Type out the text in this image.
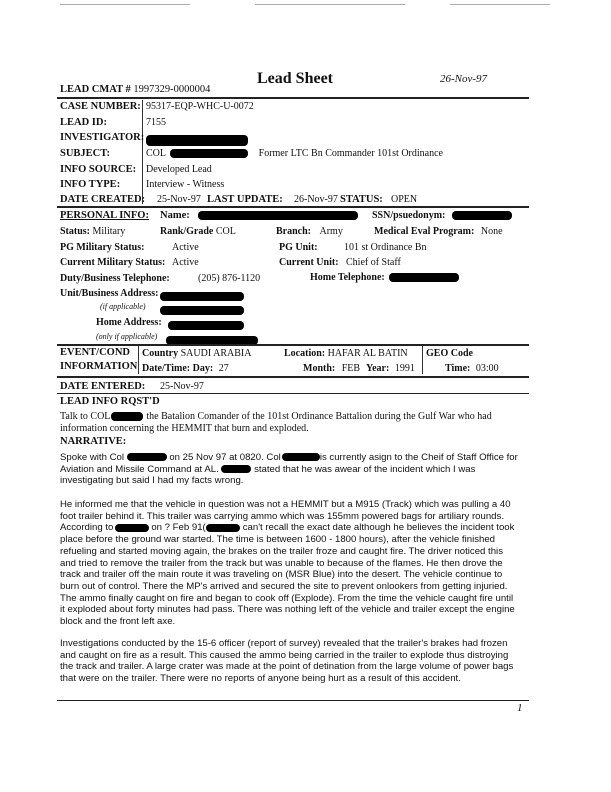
Lead Sheet	26-Nov-97
LEAD CMAT # 1997329-0000004
CASE NUMBER: 95317-EQP-WHC-U-0072
LEAD ID:	7155
INVESTIGATOR:
SUBJECT:	COL	Former LTC Bn Commander 101st Ordinance
INFO SOURCE: Developed Lead
INFO TYPE:	Interview - Witness
DATE CREATED: 25-Nov-97 LAST UPDATE: 26-Nov-97 STATUS: OPEN
PERSONAL INFO: Name:	SSN/psuedonym:
Status: Military	Rank/Grade COL	Branch: Army	Medical Eval Program: None
PG Military Status:	Active	PG Unit:	101 st Ordinance Bn
Current Military Status: Active	Current Unit: Chief of Staff
Duty/Business Telephone:	(205) 876-1120	Home Telephone:
Unit/Business Address:
(if applicable)
Home Address:
(only if applicable)
EVENT/COND
INFORMATION
Country SAUDI ARABIA	Location: HAFAR AL BATIN GEO Code
Date/Time: Day: 27	Month: FEB Year: 1991	Time: 03:00
DATE ENTERED: 25-Nov-97
LEAD INFO RQST'D
Talk to COL	the Batalion Comander of the 101st Ordinance Battalion during the Gulf War who had
information concerning the HEMMIT that burn and exploded.
NARRATIVE:
Spoke with Col	on 25 Nov 97 at 0820. Col	is currently asign to the Cheif of Staff Office for Aviation and Missile Command at AL.	stated that he was awear of the incident which I was investigating but said I had my facts wrong.
He informed me that the vehicle in question was not a HEMMIT but a M915 (Track) which was pulling a 40 foot trailer behind it. This trailer was carrying ammo which was 155mm powered bags for artiliary rounds. According to	on ? Feb 91(	can't recall the exact date although he believes the incident took place before the ground war started. The time is between 1600 - 1800 hours), after the vehicle finished refueling and started moving again, the brakes on the trailer froze and caught fire. The driver noticed this and tried to remove the trailer from the track but was unable to because of the flames. He then drove the track and trailer off the main route it was traveling on (MSR Blue) into the desert. The vehicle continue to burn out of control. There the MP's arrived and secured the site to prevent onlookers from getting injuried. The ammo finally caught on fire and began to cook off (Explode). From the time the vehicle caught fire until it exploded about forty minutes had pass. There was nothing left of the vehicle and trailer except the engine block and the front left axe.
Investigations conducted by the 15-6 officer (report of survey) revealed that the trailer's brakes had frozen and caught on fire as a result. This caused the ammo being carried in the trailer to explode thus distroying the track and trailer. A large crater was made at the point of detination from the large volume of power bags that were on the trailer. There were no reports of anyone being hurt as a result of this accident.
1
